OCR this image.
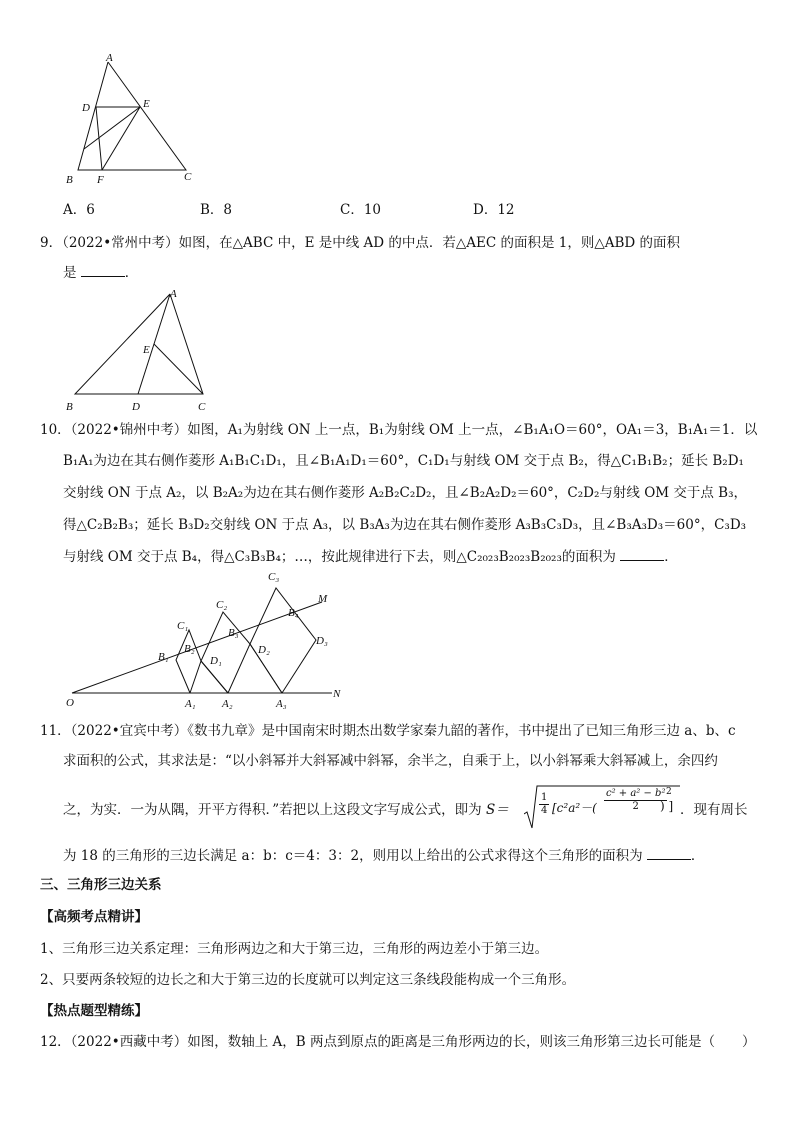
A
D	E
B F	C
A．6	B．8	C．10	D．12
9．（2022•常州中考）如图，在△ABC 中，E 是中线 AD 的中点．若△AEC 的面积是 1，则△ABD 的面积
是	．
A
E
B	D	C
10．（2022•锦州中考）如图，A₁为射线 ON 上一点，B₁为射线 OM 上一点，∠B₁A₁O＝60°，OA₁＝3，B₁A₁＝1．以
B₁A₁为边在其右侧作菱形 A₁B₁C₁D₁，且∠B₁A₁D₁＝60°，C₁D₁与射线 OM 交于点 B₂，得△C₁B₁B₂；延长 B₂D₁
交射线 ON 于点 A₂，以 B₂A₂为边在其右侧作菱形 A₂B₂C₂D₂，且∠B₂A₂D₂＝60°，C₂D₂与射线 OM 交于点 B₃，
得△C₂B₂B₃；延长 B₃D₂交射线 ON 于点 A₃，以 B₃A₃为边在其右侧作菱形 A₃B₃C₃D₃，且∠B₃A₃D₃＝60°，C₃D₃
与射线 OM 交于点 B₄，得△C₃B₃B₄；…，按此规律进行下去，则△C₂₀₂₃B₂₀₂₃B₂₀₂₃的面积为	．
O
N
M
A₁ A₂	A₃
B₁
B₂
B₃
B₄
C₁
C₂
C₃
D₁
D₂
D₃
11．（2022•宜宾中考）《数书九章》是中国南宋时期杰出数学家秦九韶的著作，书中提出了已知三角形三边 a、b、c
求面积的公式，其求法是：“以小斜幂并大斜幂减中斜幂，余半之，自乘于上，以小斜幂乘大斜幂减上，余四约
之，为实．一为从隅，开平方得积．”若把以上这段文字写成公式，即为 S＝	$\frac{1}{4} [c^2a^2-( \frac{\text{c² + a² − b²}}{2}$
) ]
2
．现有周长
为 18 的三角形的三边长满足 a：b：c＝4：3：2，则用以上给出的公式求得这个三角形的面积为	．
三、三角形三边关系
【高频考点精讲】
1、三角形三边关系定理：三角形两边之和大于第三边，三角形的两边差小于第三边。
2、只要两条较短的边长之和大于第三边的长度就可以判定这三条线段能构成一个三角形。
【热点题型精练】
12．（2022•西藏中考）如图，数轴上 A，B 两点到原点的距离是三角形两边的长，则该三角形第三边长可能是（　　）
